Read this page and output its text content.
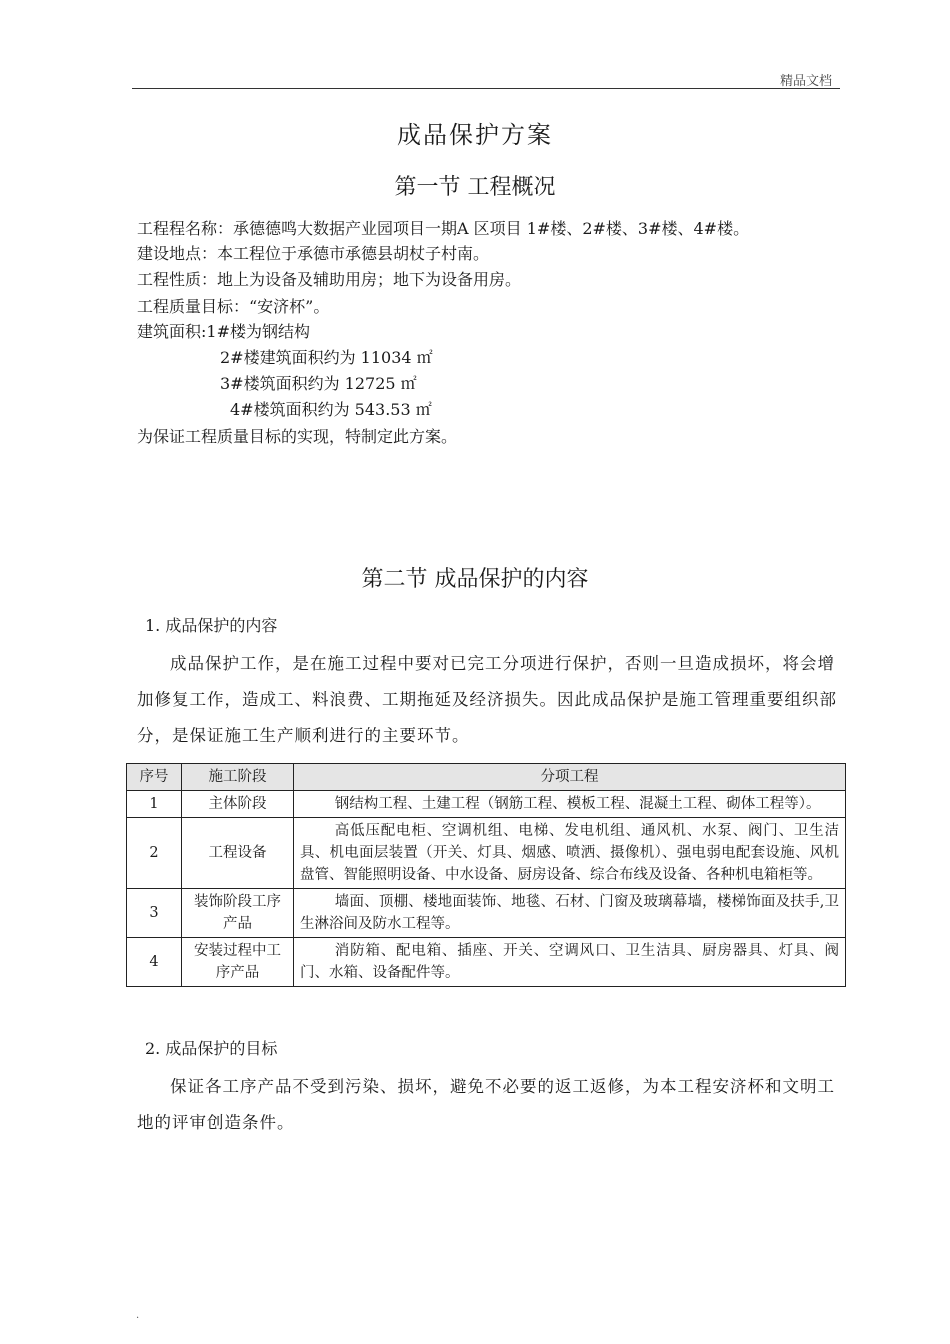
精品文档
成品保护方案
第一节 工程概况
工程程名称：承德德鸣大数据产业园项目一期A 区项目 1#楼、2#楼、3#楼、4#楼。
建设地点：本工程位于承德市承德县胡杖子村南。
工程性质：地上为设备及辅助用房；地下为设备用房。
工程质量目标：“安济杯”。
建筑面积:1#楼为钢结构
2#楼建筑面积约为 11034 ㎡
3#楼筑面积约为 12725 ㎡
4#楼筑面积约为 543.53 ㎡
为保证工程质量目标的实现，特制定此方案。
第二节 成品保护的内容
1. 成品保护的内容
成品保护工作，是在施工过程中要对已完工分项进行保护，否则一旦造成损坏，将会增加修复工作，造成工、料浪费、工期拖延及经济损失。因此成品保护是施工管理重要组织部分，是保证施工生产顺利进行的主要环节。
序号	施工阶段	分项工程
1	主体阶段	钢结构工程、土建工程（钢筋工程、模板工程、混凝土工程、砌体工程等）。
2	工程设备	高低压配电柜、空调机组、电梯、发电机组、通风机、水泵、阀门、卫生洁具、机电面层装置（开关、灯具、烟感、喷洒、摄像机）、强电弱电配套设施、风机盘管、智能照明设备、中水设备、厨房设备、综合布线及设备、各种机电箱柜等。
3	装饰阶段工序产品	墙面、顶棚、楼地面装饰、地毯、石材、门窗及玻璃幕墙，楼梯饰面及扶手,卫生淋浴间及防水工程等。
4	安装过程中工序产品	消防箱、配电箱、插座、开关、空调风口、卫生洁具、厨房器具、灯具、阀门、水箱、设备配件等。
2. 成品保护的目标
保证各工序产品不受到污染、损坏，避免不必要的返工返修，为本工程安济杯和文明工地的评审创造条件。
.
